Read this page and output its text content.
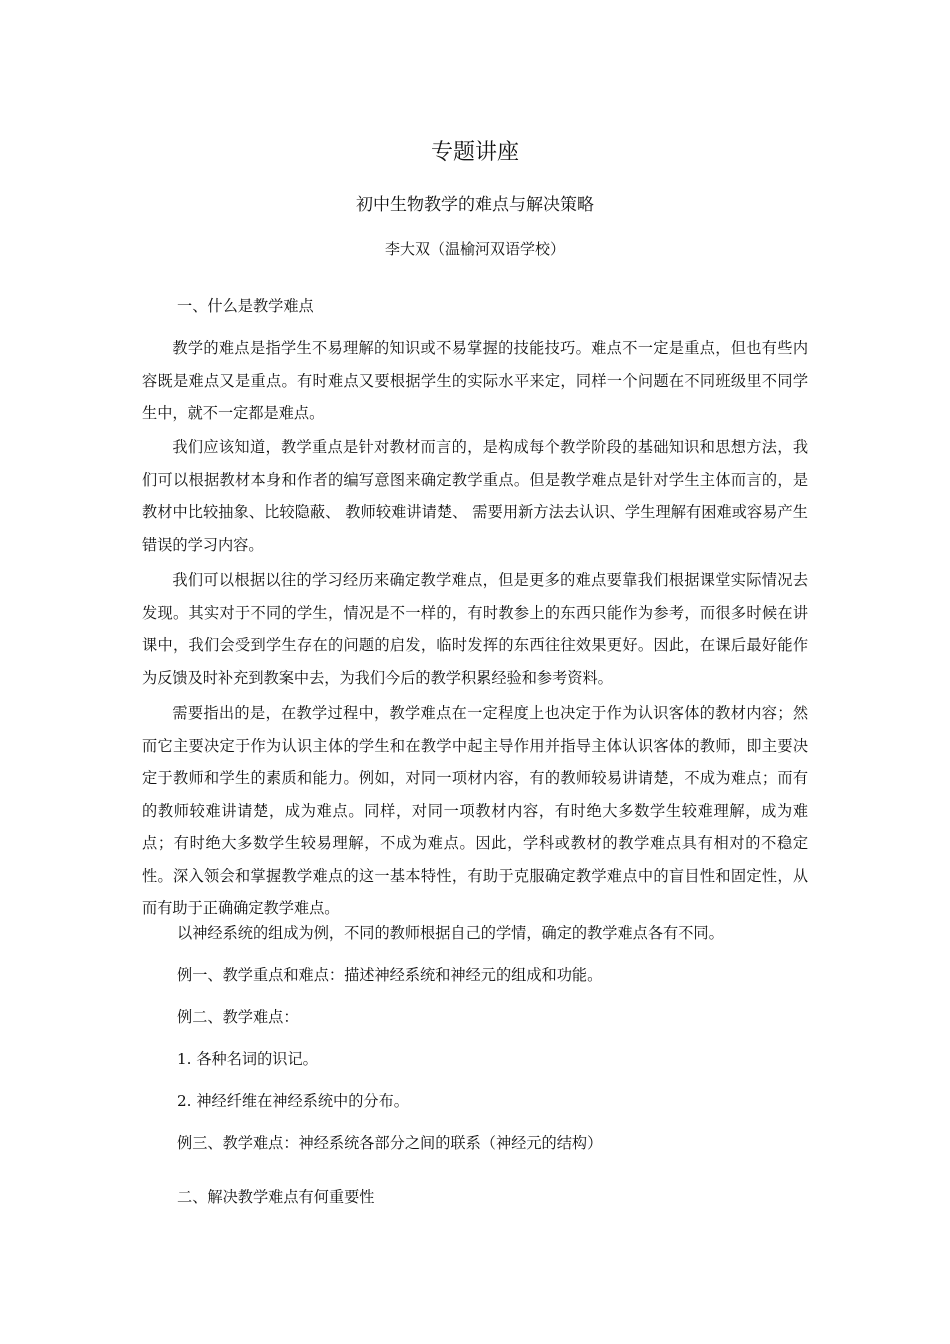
专题讲座
初中生物教学的难点与解决策略
李大双（温榆河双语学校）
一、什么是教学难点
教学的难点是指学生不易理解的知识或不易掌握的技能技巧。难点不一定是重点，但也有些内容既是难点又是重点。有时难点又要根据学生的实际水平来定，同样一个问题在不同班级里不同学生中，就不一定都是难点。
我们应该知道，教学重点是针对教材而言的，是构成每个教学阶段的基础知识和思想方法，我们可以根据教材本身和作者的编写意图来确定教学重点。但是教学难点是针对学生主体而言的，是教材中比较抽象、比较隐蔽、 教师较难讲请楚、 需要用新方法去认识、学生理解有困难或容易产生错误的学习内容。
我们可以根据以往的学习经历来确定教学难点，但是更多的难点要靠我们根据课堂实际情况去发现。其实对于不同的学生，情况是不一样的，有时教参上的东西只能作为参考，而很多时候在讲课中，我们会受到学生存在的问题的启发，临时发挥的东西往往效果更好。因此，在课后最好能作为反馈及时补充到教案中去，为我们今后的教学积累经验和参考资料。
需要指出的是，在教学过程中，教学难点在一定程度上也决定于作为认识客体的教材内容；然而它主要决定于作为认识主体的学生和在教学中起主导作用并指导主体认识客体的教师，即主要决定于教师和学生的素质和能力。例如，对同一项材内容，有的教师较易讲请楚，不成为难点；而有的教师较难讲请楚，成为难点。同样，对同一项教材内容，有时绝大多数学生较难理解，成为难点；有时绝大多数学生较易理解，不成为难点。因此，学科或教材的教学难点具有相对的不稳定性。深入领会和掌握教学难点的这一基本特性，有助于克服确定教学难点中的盲目性和固定性，从而有助于正确确定教学难点。
以神经系统的组成为例，不同的教师根据自己的学情，确定的教学难点各有不同。
例一、教学重点和难点：描述神经系统和神经元的组成和功能。
例二、教学难点：
1. 各种名词的识记。
2. 神经纤维在神经系统中的分布。
例三、教学难点：神经系统各部分之间的联系（神经元的结构）
二、解决教学难点有何重要性
